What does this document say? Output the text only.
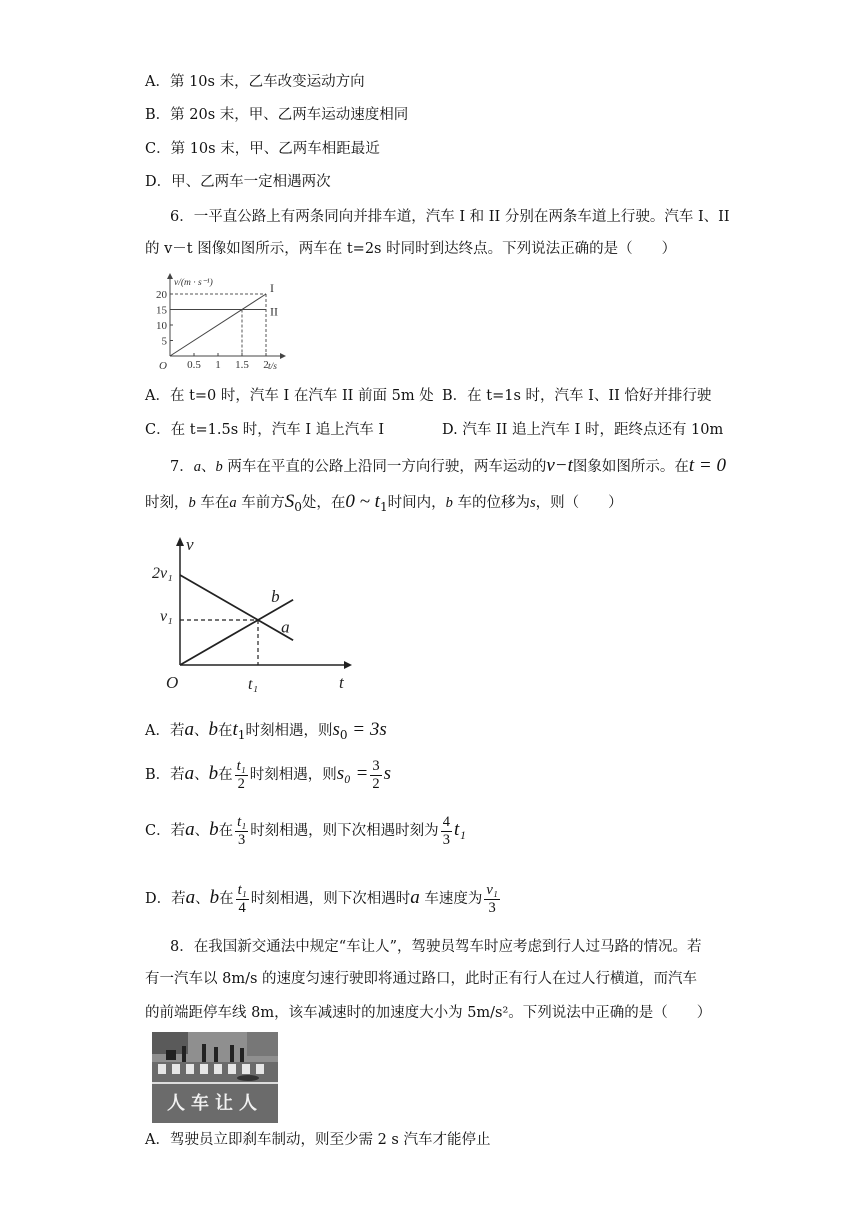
A．第 10s 末，乙车改变运动方向
B．第 20s 末，甲、乙两车运动速度相同
C．第 10s 末，甲、乙两车相距最近
D．甲、乙两车一定相遇两次
6．一平直公路上有两条同向并排车道，汽车 I 和 II 分别在两条车道上行驶。汽车 I、II
的 v－t 图像如图所示，两车在 t=2s 时同时到达终点。下列说法正确的是（　　）
I
II
0.5 1 1.5 2
5
10
15
20
v/(m · s⁻¹)
t/s
O
A．在 t=0 时，汽车 I 在汽车 II 前面 5m 处 B．在 t=1s 时，汽车 I、II 恰好并排行驶
C．在 t=1.5s 时，汽车 I 追上汽车 I	D. 汽车 II 追上汽车 I 时，距终点还有 10m
7．a、b 两车在平直的公路上沿同一方向行驶，两车运动的v−t图象如图所示。在t = 0
时刻，b 车在a 车前方$S_0$处，在0 ~ $t_1$时间内，b 车的位移为s，则（　　）
v
t
O
2v₁
v₁
t₁
a
b
A．若a、b在$t_1$时刻相遇，则$s_0 = 3s$
B．若a、b在 $\frac{\text{t₁}}{2}$ 时刻相遇，则$s_0 = \frac{3}{2}$ s
C．若a、b在 $\frac{\text{t₁}}{3}$ 时刻相遇，则下次相遇时刻为 $\frac{4}{3} t_1$
D．若a、b在 $\frac{\text{t₁}}{4}$ 时刻相遇，则下次相遇时a 车速度为 $\frac{\text{v₁}}{3}$
8．在我国新交通法中规定“车让人”，驾驶员驾车时应考虑到行人过马路的情况。若
有一汽车以 8m/s 的速度匀速行驶即将通过路口，此时正有行人在过人行横道，而汽车
的前端距停车线 8m，该车减速时的加速度大小为 5m/s²。下列说法中正确的是（　　）
人车让人
A．驾驶员立即刹车制动，则至少需 2 s 汽车才能停止
